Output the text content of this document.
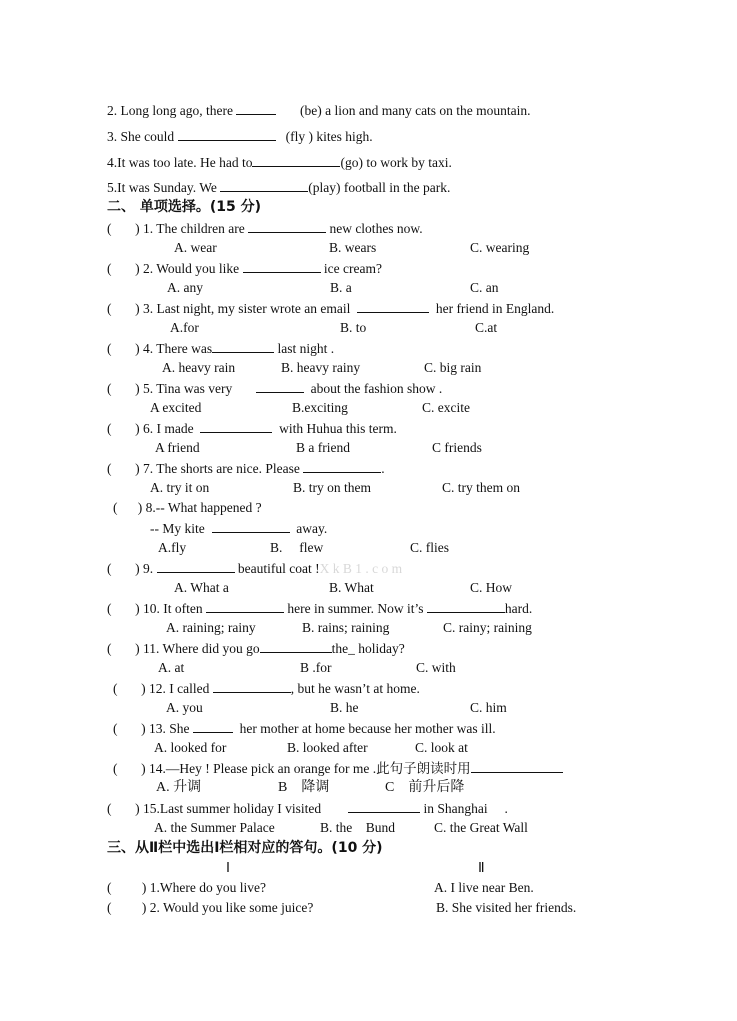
2. Long long ago, there	(be) a lion and many cats on the mountain.
3. She could	(fly ) kites high.
4.It was too late. He had to	(go) to work by taxi.
5.It was Sunday. We	(play) football in the park.
二、 单项选择。(15 分)
( ) 1. The children are	new clothes now.
A. wear	B. wears	C. wearing
( ) 2. Would you like	ice cream?
A. any	B. a	C. an
( ) 3. Last night, my sister wrote an email	her friend in England.
A.for	B. to	C.at
( ) 4. There was	last night .
A. heavy rain	B. heavy rainy	C. big rain
( ) 5. Tina was very	about the fashion show .
A excited	B.exciting	C. excite
( ) 6. I made	with Huhua this term.
A friend	B a friend	C friends
( ) 7. The shorts are nice. Please	.
A. try it on	B. try on them	C. try them on
( ) 8.-- What happened ?
-- My kite	away.
A.fly	B. flew	C. flies
( ) 9.	beautiful coat !X k B 1 . c o m
A. What a	B. What	C. How
( ) 10. It often	here in summer. Now it’s	hard.
A. raining; rainy	B. rains; raining	C. rainy; raining
( ) 11. Where did you go	the_ holiday?
A. at	B .for	C. with
( ) 12. I called	, but he wasn’t at home.
A. you	B. he	C. him
( ) 13. She	her mother at home because her mother was ill.
A. looked for	B. looked after	C. look at
( ) 14.—Hey ! Please pick an orange for me .此句子朗读时用
A. 升调	B 降调	C 前升后降
( ) 15.Last summer holiday I visited	in Shanghai .
A. the Summer Palace	B. the Bund	C. the Great Wall
三、从Ⅱ栏中选出Ⅰ栏相对应的答句。(10 分)
Ⅰ	Ⅱ
( ) 1.Where do you live?	A. I live near Ben.
( ) 2. Would you like some juice?	B. She visited her friends.
